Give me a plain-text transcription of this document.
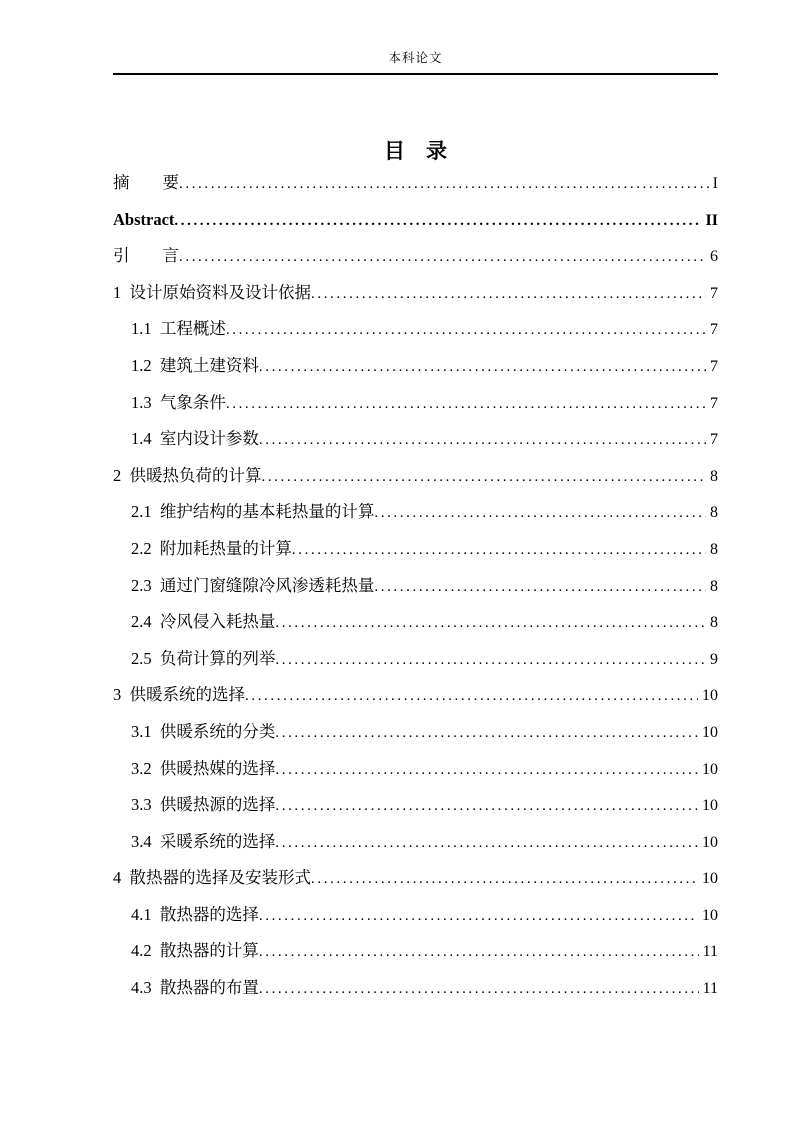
本科论文
目　录
摘　　要 .....	I
Abstract .....	II
引　　言 .....	6
1  设计原始资料及设计依据 .....	7
1.1  工程概述 .....	7
1.2  建筑土建资料 .....	7
1.3  气象条件 .....	7
1.4  室内设计参数 .....	7
2  供暖热负荷的计算 .....	8
2.1  维护结构的基本耗热量的计算 .....	8
2.2  附加耗热量的计算 .....	8
2.3  通过门窗缝隙冷风渗透耗热量 .....	8
2.4  冷风侵入耗热量 .....	8
2.5  负荷计算的列举 .....	9
3  供暖系统的选择 .....	10
3.1  供暖系统的分类 .....	10
3.2  供暖热媒的选择 .....	10
3.3  供暖热源的选择 .....	10
3.4  采暖系统的选择 .....	10
4  散热器的选择及安装形式 .....	10
4.1  散热器的选择 .....	10
4.2  散热器的计算 .....	11
4.3  散热器的布置 .....	11
